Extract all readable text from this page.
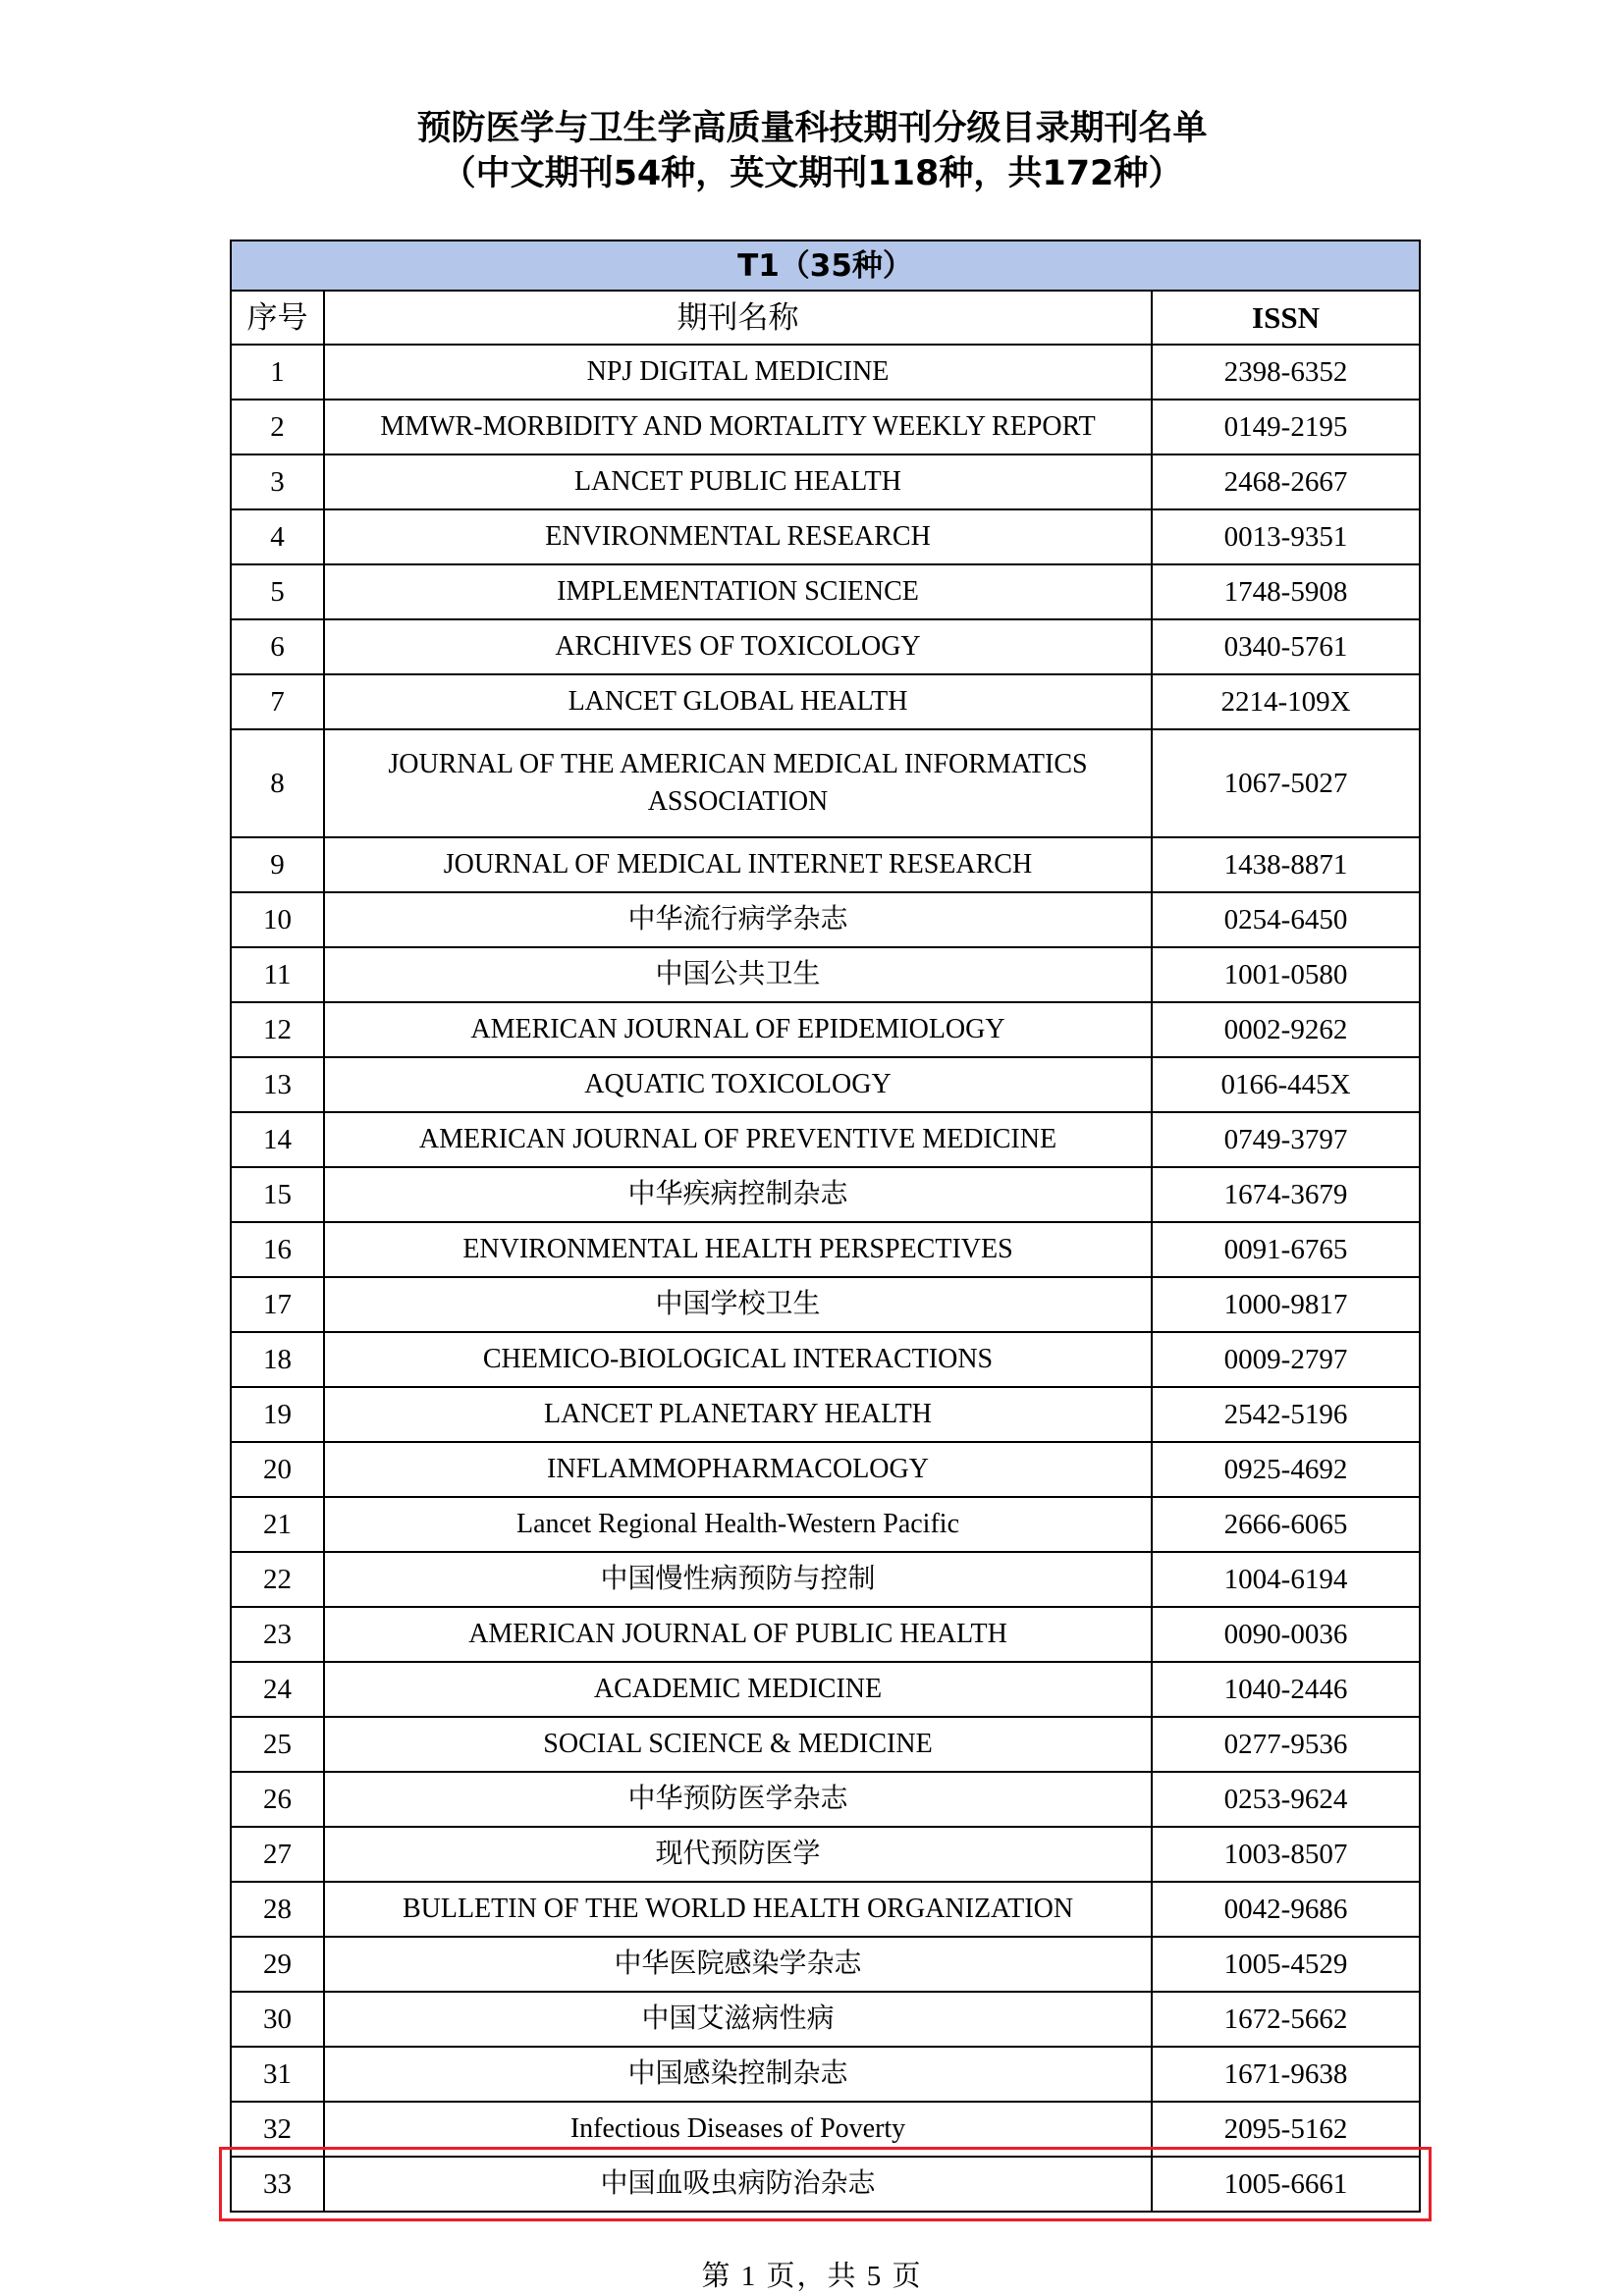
预防医学与卫生学高质量科技期刊分级目录期刊名单
（中文期刊54种，英文期刊118种，共172种）
T1（35种）		
序号	期刊名称	ISSN
1	NPJ DIGITAL MEDICINE	2398-6352
2	MMWR-MORBIDITY AND MORTALITY WEEKLY REPORT	0149-2195
3	LANCET PUBLIC HEALTH	2468-2667
4	ENVIRONMENTAL RESEARCH	0013-9351
5	IMPLEMENTATION SCIENCE	1748-5908
6	ARCHIVES OF TOXICOLOGY	0340-5761
7	LANCET GLOBAL HEALTH	2214-109X
8	JOURNAL OF THE AMERICAN MEDICAL INFORMATICS ASSOCIATION	1067-5027
9	JOURNAL OF MEDICAL INTERNET RESEARCH	1438-8871
10	中华流行病学杂志	0254-6450
11	中国公共卫生	1001-0580
12	AMERICAN JOURNAL OF EPIDEMIOLOGY	0002-9262
13	AQUATIC TOXICOLOGY	0166-445X
14	AMERICAN JOURNAL OF PREVENTIVE MEDICINE	0749-3797
15	中华疾病控制杂志	1674-3679
16	ENVIRONMENTAL HEALTH PERSPECTIVES	0091-6765
17	中国学校卫生	1000-9817
18	CHEMICO-BIOLOGICAL INTERACTIONS	0009-2797
19	LANCET PLANETARY HEALTH	2542-5196
20	INFLAMMOPHARMACOLOGY	0925-4692
21	Lancet Regional Health-Western Pacific	2666-6065
22	中国慢性病预防与控制	1004-6194
23	AMERICAN JOURNAL OF PUBLIC HEALTH	0090-0036
24	ACADEMIC MEDICINE	1040-2446
25	SOCIAL SCIENCE & MEDICINE	0277-9536
26	中华预防医学杂志	0253-9624
27	现代预防医学	1003-8507
28	BULLETIN OF THE WORLD HEALTH ORGANIZATION	0042-9686
29	中华医院感染学杂志	1005-4529
30	中国艾滋病性病	1672-5662
31	中国感染控制杂志	1671-9638
32	Infectious Diseases of Poverty	2095-5162
33	中国血吸虫病防治杂志	1005-6661
第 1 页，共 5 页
